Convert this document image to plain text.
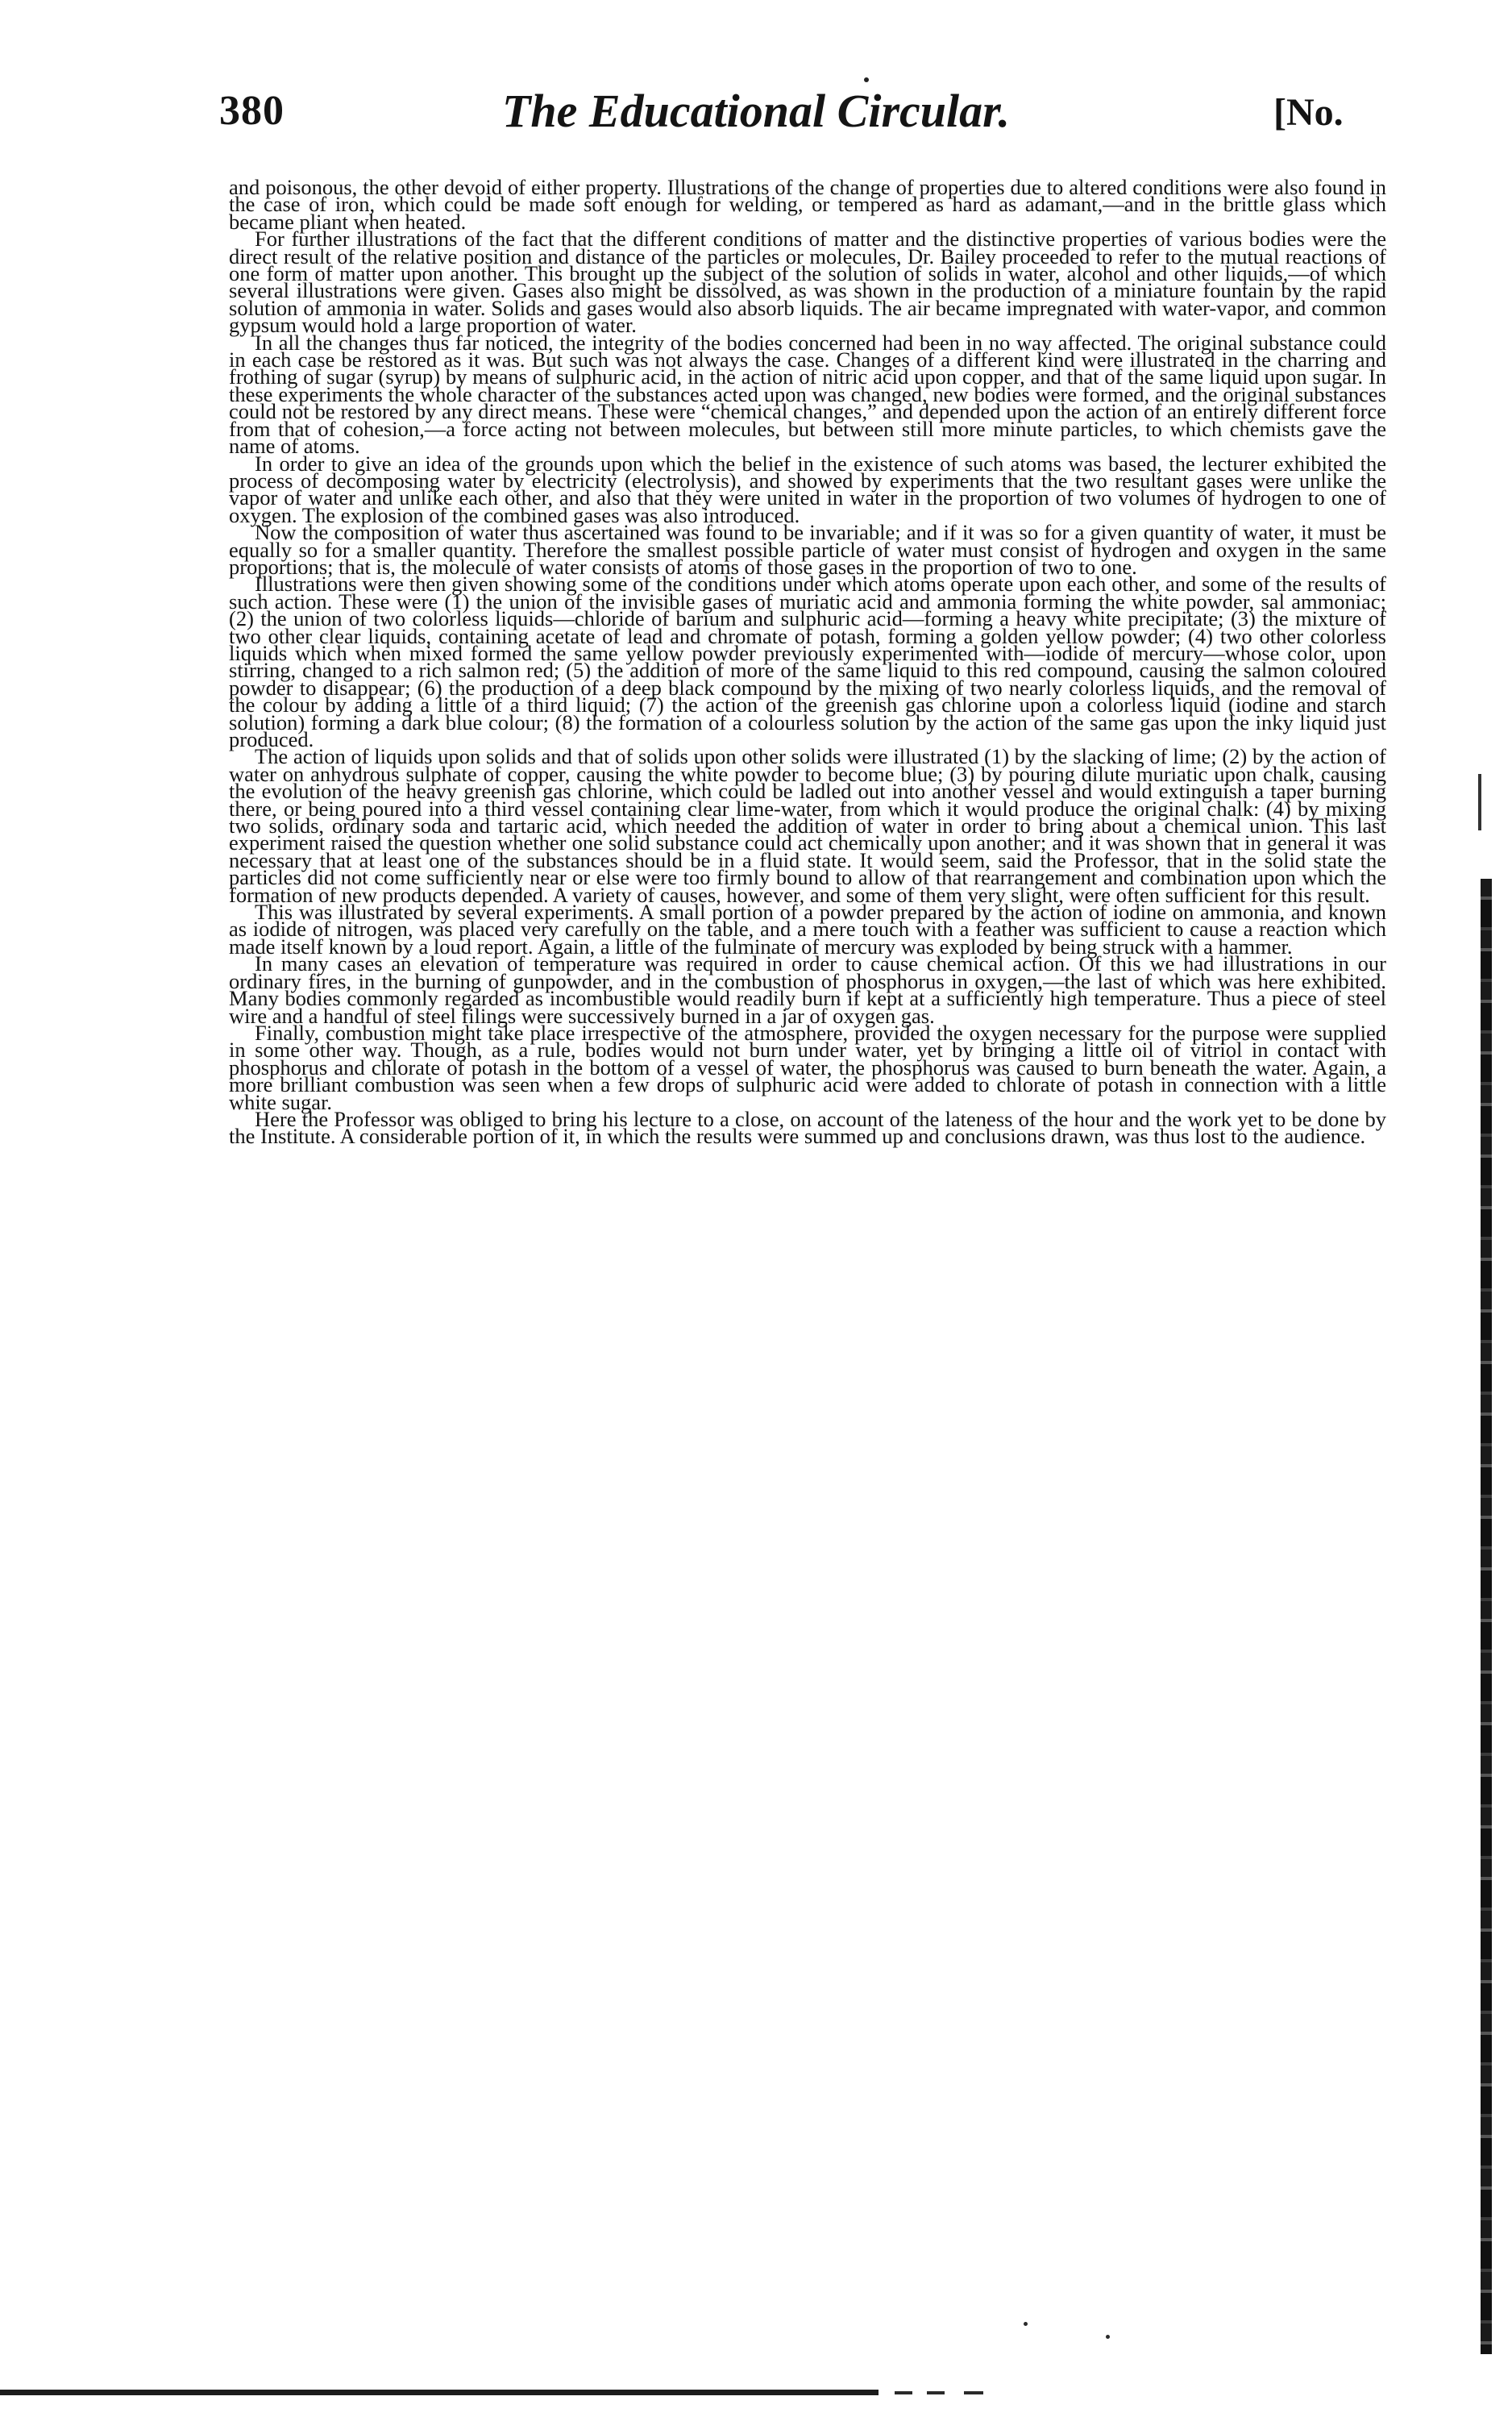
380	The Educational Circular.	[No.

and poisonous, the other devoid of either property. Illustrations of the change of properties due to altered conditions were also found in the case of iron, which could be made soft enough for welding, or tempered as hard as adamant,—and in the brittle glass which became pliant when heated.

For further illustrations of the fact that the different conditions of matter and the distinctive properties of various bodies were the direct result of the relative position and distance of the particles or molecules, Dr. Bailey proceeded to refer to the mutual reactions of one form of matter upon another. This brought up the subject of the solution of solids in water, alcohol and other liquids,—of which several illustrations were given. Gases also might be dissolved, as was shown in the production of a miniature fountain by the rapid solution of ammonia in water. Solids and gases would also absorb liquids. The air became impregnated with water-vapor, and common gypsum would hold a large proportion of water.

In all the changes thus far noticed, the integrity of the bodies concerned had been in no way affected. The original substance could in each case be restored as it was. But such was not always the case. Changes of a different kind were illustrated in the charring and frothing of sugar (syrup) by means of sulphuric acid, in the action of nitric acid upon copper, and that of the same liquid upon sugar. In these experiments the whole character of the substances acted upon was changed, new bodies were formed, and the original substances could not be restored by any direct means. These were “chemical changes,” and depended upon the action of an entirely different force from that of cohesion,—a force acting not between molecules, but between still more minute particles, to which chemists gave the name of atoms.

In order to give an idea of the grounds upon which the belief in the existence of such atoms was based, the lecturer exhibited the process of decomposing water by electricity (electrolysis), and showed by experiments that the two resultant gases were unlike the vapor of water and unlike each other, and also that they were united in water in the proportion of two volumes of hydrogen to one of oxygen. The explosion of the combined gases was also introduced.

Now the composition of water thus ascertained was found to be invariable; and if it was so for a given quantity of water, it must be equally so for a smaller quantity. Therefore the smallest possible particle of water must consist of hydrogen and oxygen in the same proportions; that is, the molecule of water consists of atoms of those gases in the proportion of two to one.

Illustrations were then given showing some of the conditions under which atoms operate upon each other, and some of the results of such action. These were (1) the union of the invisible gases of muriatic acid and ammonia forming the white powder, sal ammoniac; (2) the union of two colorless liquids—chloride of barium and sulphuric acid—forming a heavy white precipitate; (3) the mixture of two other clear liquids, containing acetate of lead and chromate of potash, forming a golden yellow powder; (4) two other colorless liquids which when mixed formed the same yellow powder previously experimented with—iodide of mercury—whose color, upon stirring, changed to a rich salmon red; (5) the addition of more of the same liquid to this red compound, causing the salmon coloured powder to disappear; (6) the production of a deep black compound by the mixing of two nearly colorless liquids, and the removal of the colour by adding a little of a third liquid; (7) the action of the greenish gas chlorine upon a colorless liquid (iodine and starch solution) forming a dark blue colour; (8) the formation of a colourless solution by the action of the same gas upon the inky liquid just produced.

The action of liquids upon solids and that of solids upon other solids were illustrated (1) by the slacking of lime; (2) by the action of water on anhydrous sulphate of copper, causing the white powder to become blue; (3) by pouring dilute muriatic upon chalk, causing the evolution of the heavy greenish gas chlorine, which could be ladled out into another vessel and would extinguish a taper burning there, or being poured into a third vessel containing clear lime-water, from which it would produce the original chalk: (4) by mixing two solids, ordinary soda and tartaric acid, which needed the addition of water in order to bring about a chemical union. This last experiment raised the question whether one solid substance could act chemically upon another; and it was shown that in general it was necessary that at least one of the substances should be in a fluid state. It would seem, said the Professor, that in the solid state the particles did not come sufficiently near or else were too firmly bound to allow of that rearrangement and combination upon which the formation of new products depended. A variety of causes, however, and some of them very slight, were often sufficient for this result.

This was illustrated by several experiments. A small portion of a powder prepared by the action of iodine on ammonia, and known as iodide of nitrogen, was placed very carefully on the table, and a mere touch with a feather was sufficient to cause a reaction which made itself known by a loud report. Again, a little of the fulminate of mercury was exploded by being struck with a hammer.

In many cases an elevation of temperature was required in order to cause chemical action. Of this we had illustrations in our ordinary fires, in the burning of gunpowder, and in the combustion of phosphorus in oxygen,—the last of which was here exhibited. Many bodies commonly regarded as incombustible would readily burn if kept at a sufficiently high temperature. Thus a piece of steel wire and a handful of steel filings were successively burned in a jar of oxygen gas.

Finally, combustion might take place irrespective of the atmosphere, provided the oxygen necessary for the purpose were supplied in some other way. Though, as a rule, bodies would not burn under water, yet by bringing a little oil of vitriol in contact with phosphorus and chlorate of potash in the bottom of a vessel of water, the phosphorus was caused to burn beneath the water. Again, a more brilliant combustion was seen when a few drops of sulphuric acid were added to chlorate of potash in connection with a little white sugar.

Here the Professor was obliged to bring his lecture to a close, on account of the lateness of the hour and the work yet to be done by the Institute. A considerable portion of it, in which the results were summed up and conclusions drawn, was thus lost to the audience.
